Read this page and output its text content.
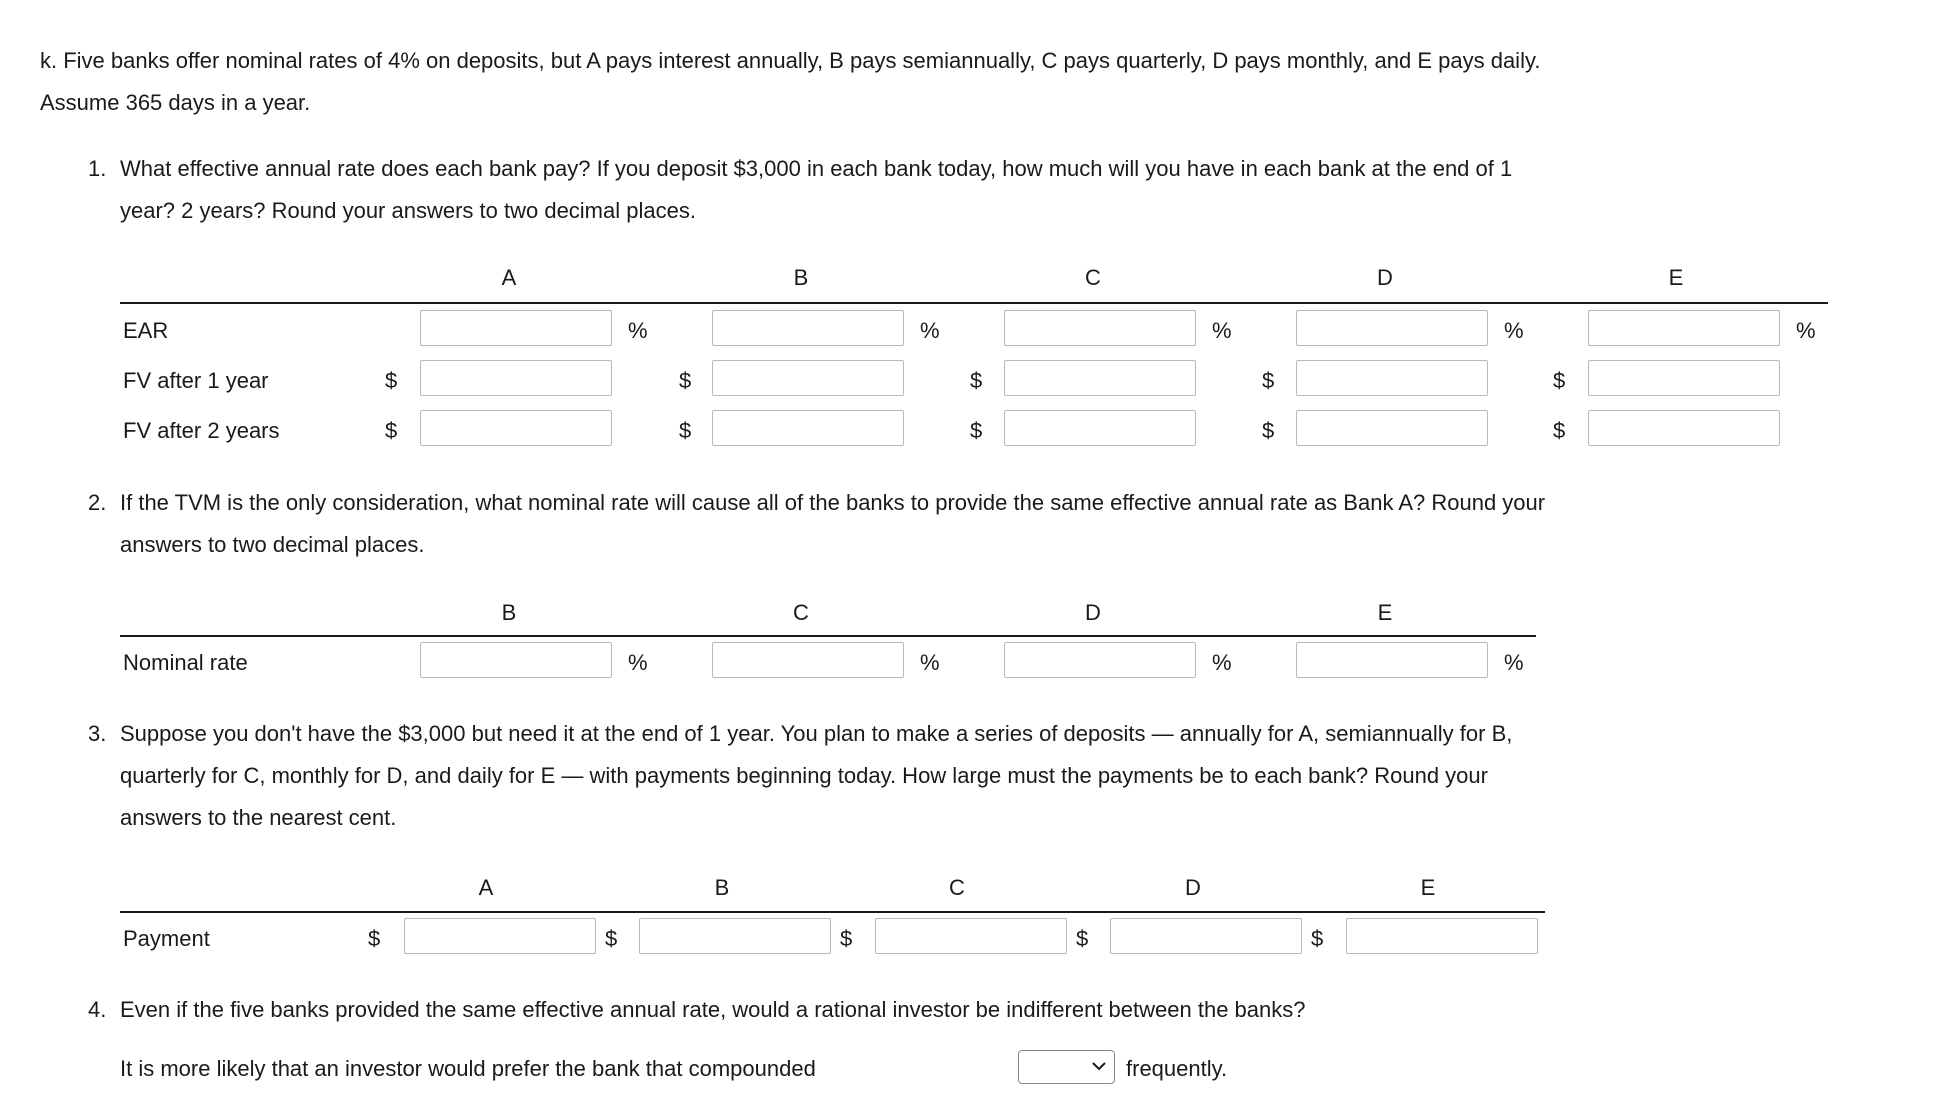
k. Five banks offer nominal rates of 4% on deposits, but A pays interest annually, B pays semiannually, C pays quarterly, D pays monthly, and E pays daily.
Assume 365 days in a year.

1. What effective annual rate does each bank pay? If you deposit $3,000 in each bank today, how much will you have in each bank at the end of 1
year? 2 years? Round your answers to two decimal places.
A	B	C	D	E
EAR	%	%	%	%	%
FV after 1 year	$	$	$	$	$
FV after 2 years	$	$	$	$	$
2. If the TVM is the only consideration, what nominal rate will cause all of the banks to provide the same effective annual rate as Bank A? Round your
answers to two decimal places.
B	C	D	E
Nominal rate	%	%	%	%
3. Suppose you don't have the $3,000 but need it at the end of 1 year. You plan to make a series of deposits — annually for A, semiannually for B,
quarterly for C, monthly for D, and daily for E — with payments beginning today. How large must the payments be to each bank? Round your
answers to the nearest cent.
A	B	C	D	E
Payment	$	$	$	$	$
4. Even if the five banks provided the same effective annual rate, would a rational investor be indifferent between the banks?
It is more likely that an investor would prefer the bank that compounded	frequently.
